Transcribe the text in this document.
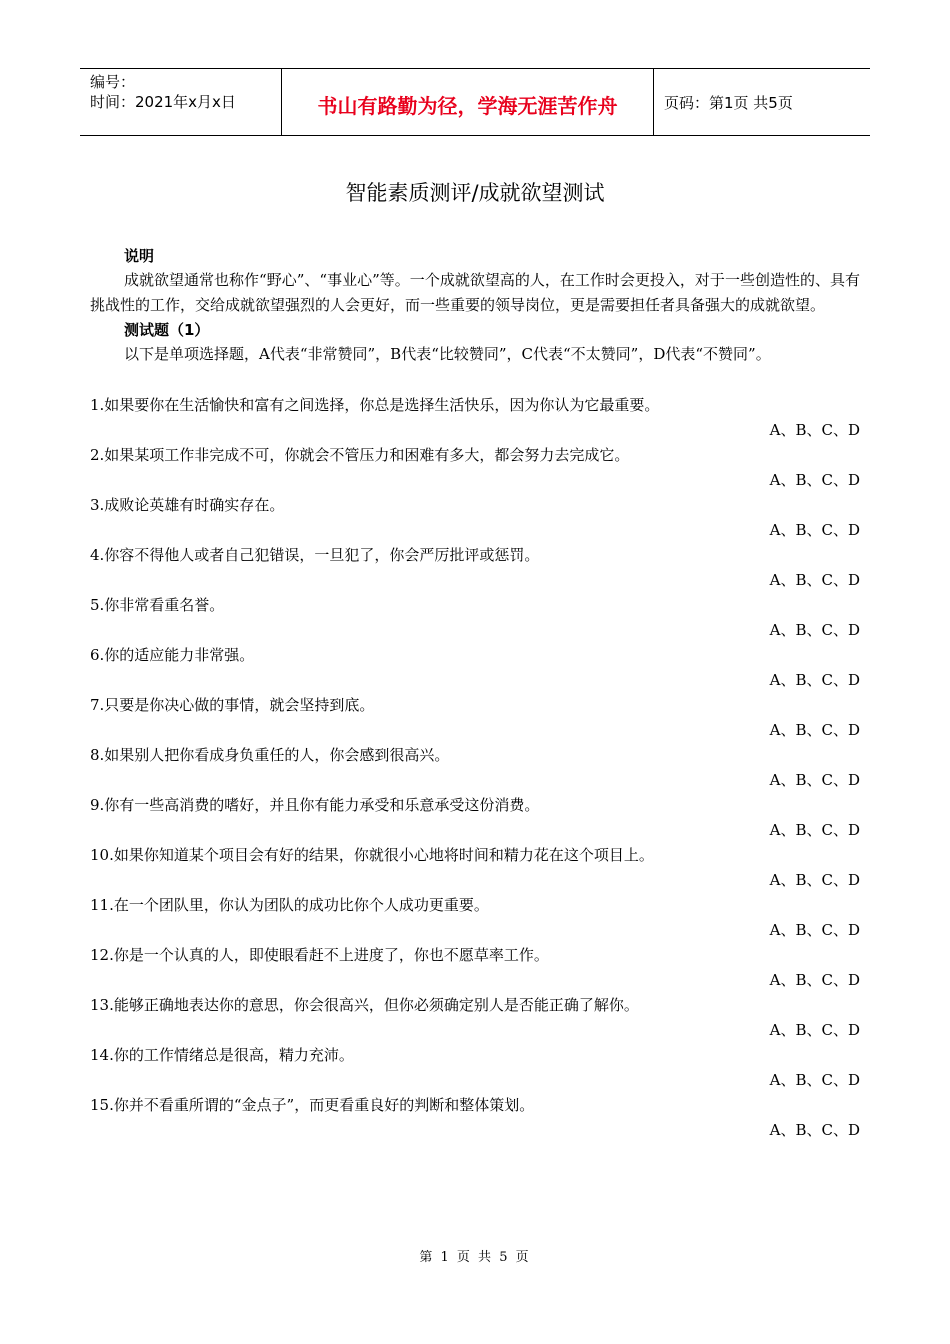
编号：
时间：2021年x月x日	书山有路勤为径，学海无涯苦作舟	页码：第1页 共5页
智能素质测评/成就欲望测试
说明
成就欲望通常也称作“野心”、“事业心”等。一个成就欲望高的人，在工作时会更投入，对于一些创造性的、具有挑战性的工作，交给成就欲望强烈的人会更好，而一些重要的领导岗位，更是需要担任者具备强大的成就欲望。
测试题（1）
以下是单项选择题，A代表“非常赞同”，B代表“比较赞同”，C代表“不太赞同”，D代表“不赞同”。
1.如果要你在生活愉快和富有之间选择，你总是选择生活快乐，因为你认为它最重要。
A、B、C、D
2.如果某项工作非完成不可，你就会不管压力和困难有多大，都会努力去完成它。
A、B、C、D
3.成败论英雄有时确实存在。
A、B、C、D
4.你容不得他人或者自己犯错误，一旦犯了，你会严厉批评或惩罚。
A、B、C、D
5.你非常看重名誉。
A、B、C、D
6.你的适应能力非常强。
A、B、C、D
7.只要是你决心做的事情，就会坚持到底。
A、B、C、D
8.如果别人把你看成身负重任的人，你会感到很高兴。
A、B、C、D
9.你有一些高消费的嗜好，并且你有能力承受和乐意承受这份消费。
A、B、C、D
10.如果你知道某个项目会有好的结果，你就很小心地将时间和精力花在这个项目上。
A、B、C、D
11.在一个团队里，你认为团队的成功比你个人成功更重要。
A、B、C、D
12.你是一个认真的人，即使眼看赶不上进度了，你也不愿草率工作。
A、B、C、D
13.能够正确地表达你的意思，你会很高兴，但你必须确定别人是否能正确了解你。
A、B、C、D
14.你的工作情绪总是很高，精力充沛。
A、B、C、D
15.你并不看重所谓的“金点子”，而更看重良好的判断和整体策划。
A、B、C、D
第 1 页 共 5 页
